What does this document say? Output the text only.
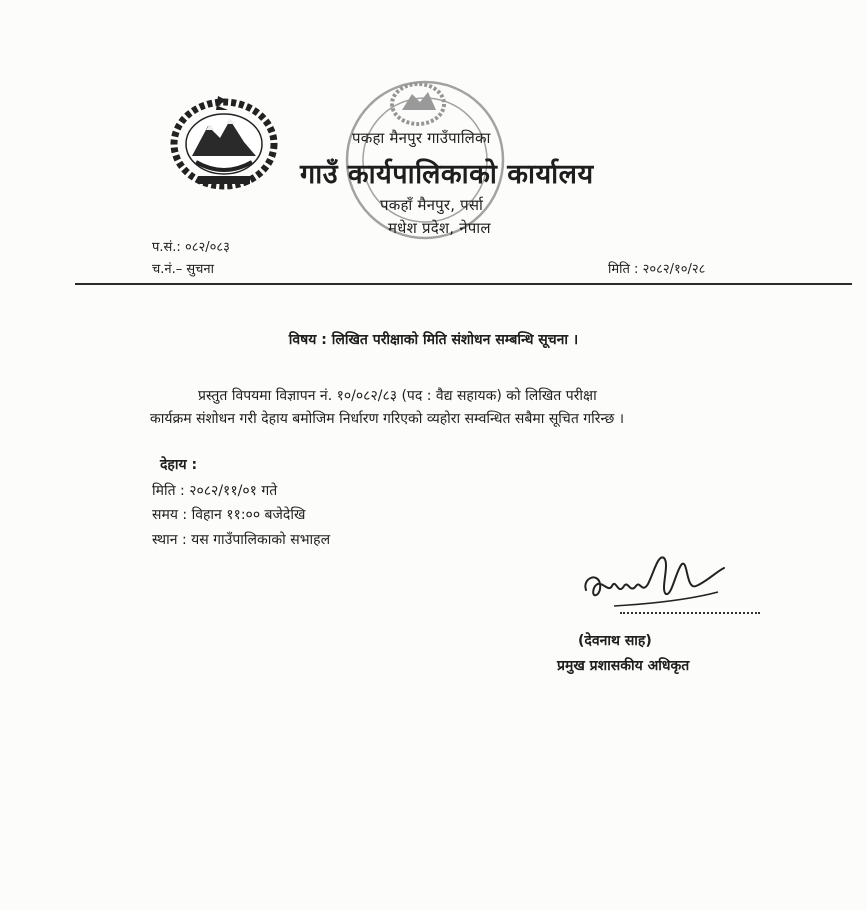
पकहा मैनपुर गाउँपालिका
गाउँ कार्यपालिकाको कार्यालय
पकहाँ मैनपुर, पर्सा
मधेश प्रदेश, नेपाल
प.सं.: ०८२/०८३
च.नं.– सुचना	मिति : २०८२/१०/२८
विषय : लिखित परीक्षाको मिति संशोधन सम्बन्धि सूचना ।
प्रस्तुत विपयमा विज्ञापन नं. १०/०८२/८३ (पद : वैद्य सहायक) को लिखित परीक्षा
कार्यक्रम संशोधन गरी देहाय बमोजिम निर्धारण गरिएको व्यहोरा सम्वन्धित सबैमा सूचित गरिन्छ ।
देहाय :
मिति : २०८२/११/०१ गते
समय : विहान ११:०० बजेदेखि
स्थान : यस गाउँपालिकाको सभाहल
(देवनाथ साह)
प्रमुख प्रशासकीय अधिकृत
